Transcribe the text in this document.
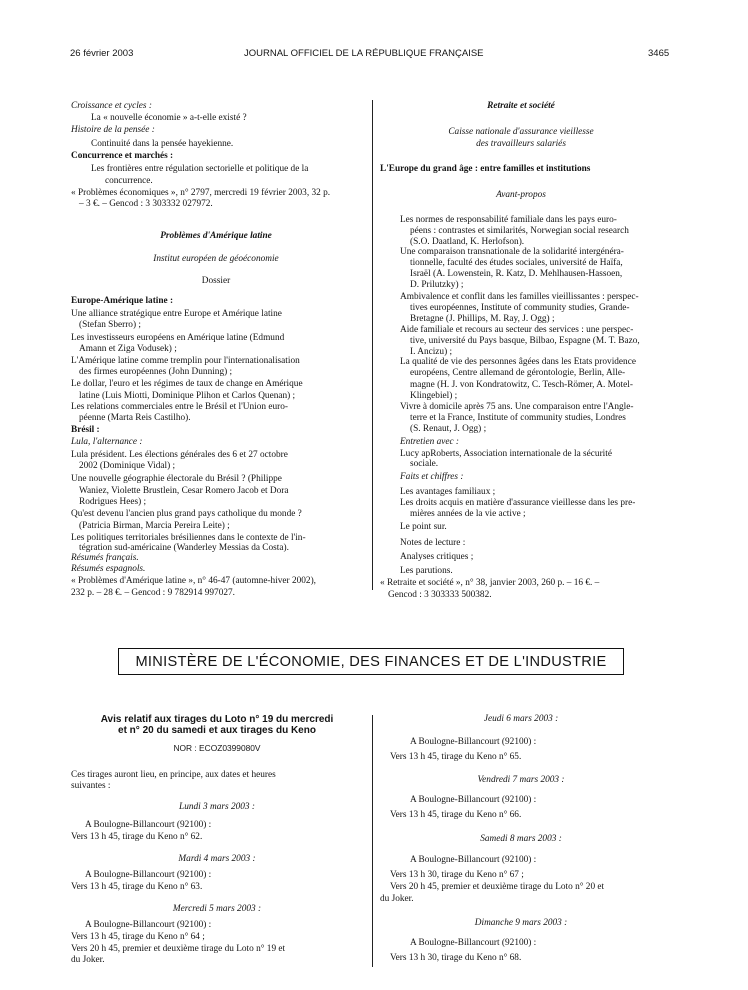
26 février 2003	JOURNAL OFFICIEL DE LA RÉPUBLIQUE FRANÇAISE	3465
MINISTÈRE DE L'ÉCONOMIE, DES FINANCES ET DE L'INDUSTRIE
Croissance et cycles :
La « nouvelle économie » a-t-elle existé ?
Histoire de la pensée :
Continuité dans la pensée hayekienne.
Concurrence et marchés :
Les frontières entre régulation sectorielle et politique de la
concurrence.
« Problèmes économiques », n° 2797, mercredi 19 février 2003, 32 p.
– 3 €. – Gencod : 3 303332 027972.
Problèmes d'Amérique latine
Institut européen de géoéconomie
Dossier
Europe-Amérique latine :
Une alliance stratégique entre Europe et Amérique latine
(Stefan Sberro) ;
Les investisseurs européens en Amérique latine (Edmund
Amann et Ziga Vodusek) ;
L'Amérique latine comme tremplin pour l'internationalisation
des firmes européennes (John Dunning) ;
Le dollar, l'euro et les régimes de taux de change en Amérique
latine (Luis Miotti, Dominique Plihon et Carlos Quenan) ;
Les relations commerciales entre le Brésil et l'Union euro-
péenne (Marta Reis Castilho).
Brésil :
Lula, l'alternance :
Lula président. Les élections générales des 6 et 27 octobre
2002 (Dominique Vidal) ;
Une nouvelle géographie électorale du Brésil ? (Philippe
Waniez, Violette Brustlein, Cesar Romero Jacob et Dora
Rodrigues Hees) ;
Qu'est devenu l'ancien plus grand pays catholique du monde ?
(Patricia Birman, Marcia Pereira Leite) ;
Les politiques territoriales brésiliennes dans le contexte de l'in-
tégration sud-américaine (Wanderley Messias da Costa).
Résumés français.
Résumés espagnols.
« Problèmes d'Amérique latine », n° 46-47 (automne-hiver 2002),
232 p. – 28 €. – Gencod : 9 782914 997027.
Retraite et société
Caisse nationale d'assurance vieillesse
des travailleurs salariés
L'Europe du grand âge : entre familles et institutions
Avant-propos
Les normes de responsabilité familiale dans les pays euro-
péens : contrastes et similarités, Norwegian social research
(S.O. Daatland, K. Herlofson).
Une comparaison transnationale de la solidarité intergénéra-
tionnelle, faculté des études sociales, université de Haïfa,
Israël (A. Lowenstein, R. Katz, D. Mehlhausen-Hassoen,
D. Prilutzky) ;
Ambivalence et conflit dans les familles vieillissantes : perspec-
tives européennes, Institute of community studies, Grande-
Bretagne (J. Phillips, M. Ray, J. Ogg) ;
Aide familiale et recours au secteur des services : une perspec-
tive, université du Pays basque, Bilbao, Espagne (M. T. Bazo,
I. Ancizu) ;
La qualité de vie des personnes âgées dans les Etats providence
européens, Centre allemand de gérontologie, Berlin, Alle-
magne (H. J. von Kondratowitz, C. Tesch-Römer, A. Motel-
Klingebiel) ;
Vivre à domicile après 75 ans. Une comparaison entre l'Angle-
terre et la France, Institute of community studies, Londres
(S. Renaut, J. Ogg) ;
Entretien avec :
Lucy apRoberts, Association internationale de la sécurité
sociale.
Faits et chiffres :
Les avantages familiaux ;
Les droits acquis en matière d'assurance vieillesse dans les pre-
mières années de la vie active ;
Le point sur.
Notes de lecture :
Analyses critiques ;
Les parutions.
« Retraite et société », n° 38, janvier 2003, 260 p. – 16 €. –
Gencod : 3 303333 500382.
Avis relatif aux tirages du Loto n° 19 du mercredi
et n° 20 du samedi et aux tirages du Keno
NOR : ECOZ0399080V
Ces tirages auront lieu, en principe, aux dates et heures
suivantes :
Lundi 3 mars 2003 :
A Boulogne-Billancourt (92100) :
Vers 13 h 45, tirage du Keno n° 62.
Mardi 4 mars 2003 :
A Boulogne-Billancourt (92100) :
Vers 13 h 45, tirage du Keno n° 63.
Mercredi 5 mars 2003 :
A Boulogne-Billancourt (92100) :
Vers 13 h 45, tirage du Keno n° 64 ;
Vers 20 h 45, premier et deuxième tirage du Loto n° 19 et
du Joker.
Jeudi 6 mars 2003 :
A Boulogne-Billancourt (92100) :
Vers 13 h 45, tirage du Keno n° 65.
Vendredi 7 mars 2003 :
A Boulogne-Billancourt (92100) :
Vers 13 h 45, tirage du Keno n° 66.
Samedi 8 mars 2003 :
A Boulogne-Billancourt (92100) :
Vers 13 h 30, tirage du Keno n° 67 ;
Vers 20 h 45, premier et deuxième tirage du Loto n° 20 et
du Joker.
Dimanche 9 mars 2003 :
A Boulogne-Billancourt (92100) :
Vers 13 h 30, tirage du Keno n° 68.
